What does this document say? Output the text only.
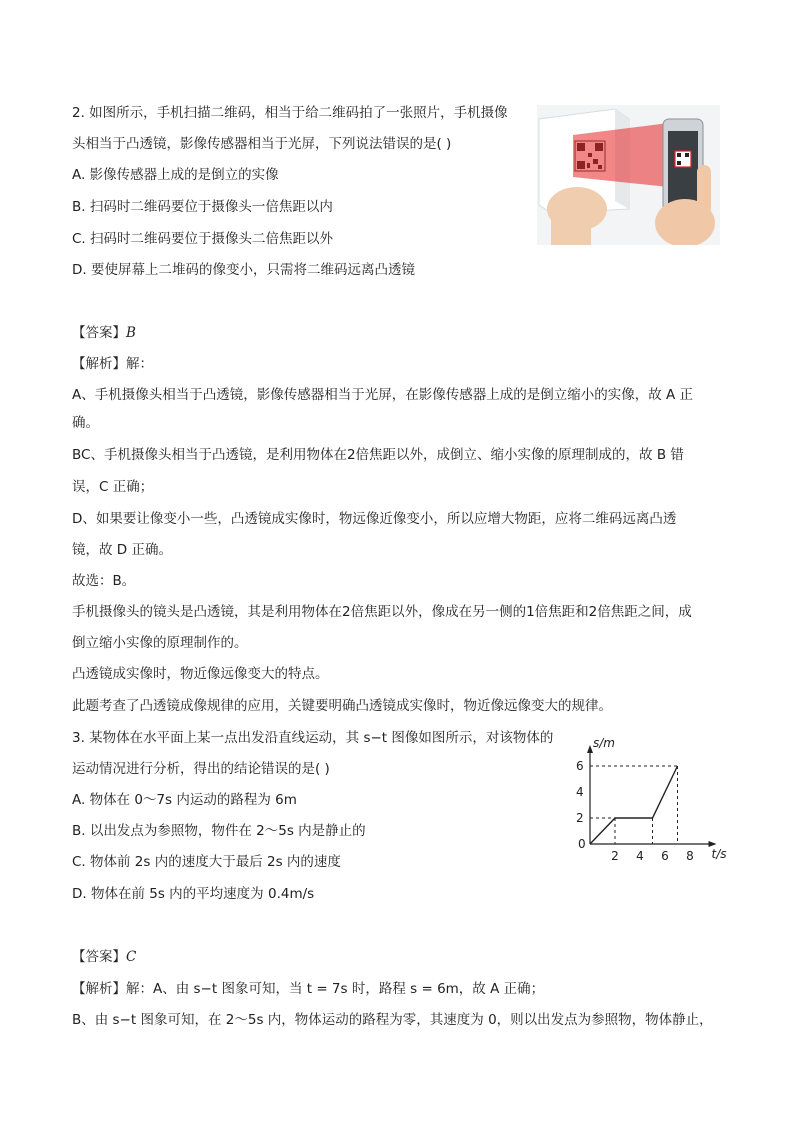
2. 如图所示，手机扫描二维码，相当于给二维码拍了一张照片，手机摄像
头相当于凸透镜，影像传感器相当于光屏，下列说法错误的是( )
A. 影像传感器上成的是倒立的实像
B. 扫码时二维码要位于摄像头一倍焦距以内
C. 扫码时二维码要位于摄像头二倍焦距以外
D. 要使屏幕上二堆码的像变小，只需将二维码远离凸透镜
【答案】B
【解析】解：
A、手机摄像头相当于凸透镜，影像传感器相当于光屏，在影像传感器上成的是倒立缩小的实像，故 A 正
确。
BC、手机摄像头相当于凸透镜，是利用物体在2倍焦距以外，成倒立、缩小实像的原理制成的，故 B 错
误，C 正确；
D、如果要让像变小一些，凸透镜成实像时，物远像近像变小，所以应增大物距，应将二维码远离凸透
镜，故 D 正确。
故选：B。
手机摄像头的镜头是凸透镜，其是利用物体在2倍焦距以外，像成在另一侧的1倍焦距和2倍焦距之间，成
倒立缩小实像的原理制作的。
凸透镜成实像时，物近像远像变大的特点。
此题考查了凸透镜成像规律的应用，关键要明确凸透镜成实像时，物近像远像变大的规律。
3. 某物体在水平面上某一点出发沿直线运动，其 s−t 图像如图所示，对该物体的
运动情况进行分析，得出的结论错误的是( )
A. 物体在 0～7s 内运动的路程为 6m
B. 以出发点为参照物，物件在 2～5s 内是静止的
C. 物体前 2s 内的速度大于最后 2s 内的速度
D. 物体在前 5s 内的平均速度为 0.4m/s
s/m
t/s
0
2 4 6 8
2
4
6
【答案】C
【解析】解：A、由 s−t 图象可知，当 t = 7s 时，路程 s = 6m，故 A 正确；
B、由 s−t 图象可知，在 2～5s 内，物体运动的路程为零，其速度为 0，则以出发点为参照物，物体静止，
